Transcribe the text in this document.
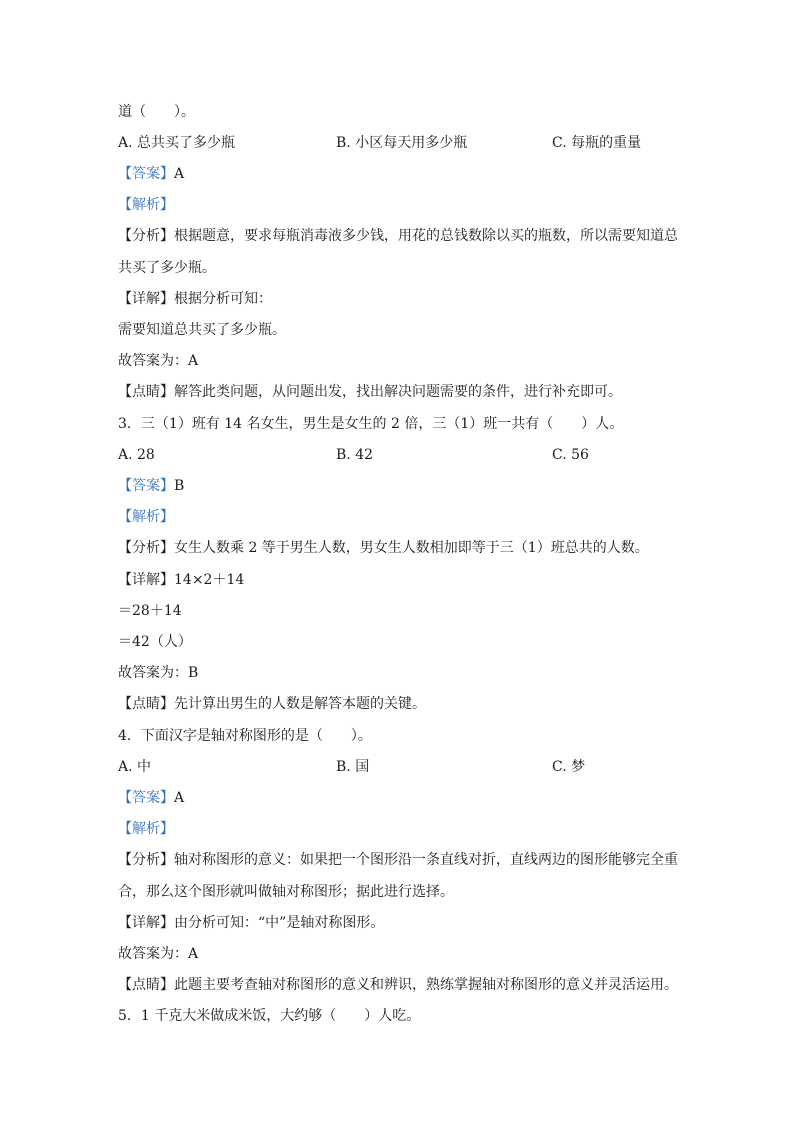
道（　　）。
A. 总共买了多少瓶	B. 小区每天用多少瓶	C. 每瓶的重量
【答案】A
【解析】
【分析】根据题意，要求每瓶消毒液多少钱，用花的总钱数除以买的瓶数，所以需要知道总
共买了多少瓶。
【详解】根据分析可知：
需要知道总共买了多少瓶。
故答案为：A
【点睛】解答此类问题，从问题出发，找出解决问题需要的条件，进行补充即可。
3．三（1）班有 14 名女生，男生是女生的 2 倍，三（1）班一共有（　　）人。
A. 28	B. 42	C. 56
【答案】B
【解析】
【分析】女生人数乘 2 等于男生人数，男女生人数相加即等于三（1）班总共的人数。
【详解】14×2＋14
＝28＋14
＝42（人）
故答案为：B
【点睛】先计算出男生的人数是解答本题的关键。
4．下面汉字是轴对称图形的是（　　）。
A. 中	B. 国	C. 梦
【答案】A
【解析】
【分析】轴对称图形的意义：如果把一个图形沿一条直线对折，直线两边的图形能够完全重
合，那么这个图形就叫做轴对称图形；据此进行选择。
【详解】由分析可知：“中”是轴对称图形。
故答案为：A
【点睛】此题主要考查轴对称图形的意义和辨识，熟练掌握轴对称图形的意义并灵活运用。
5．1 千克大米做成米饭，大约够（　　）人吃。
